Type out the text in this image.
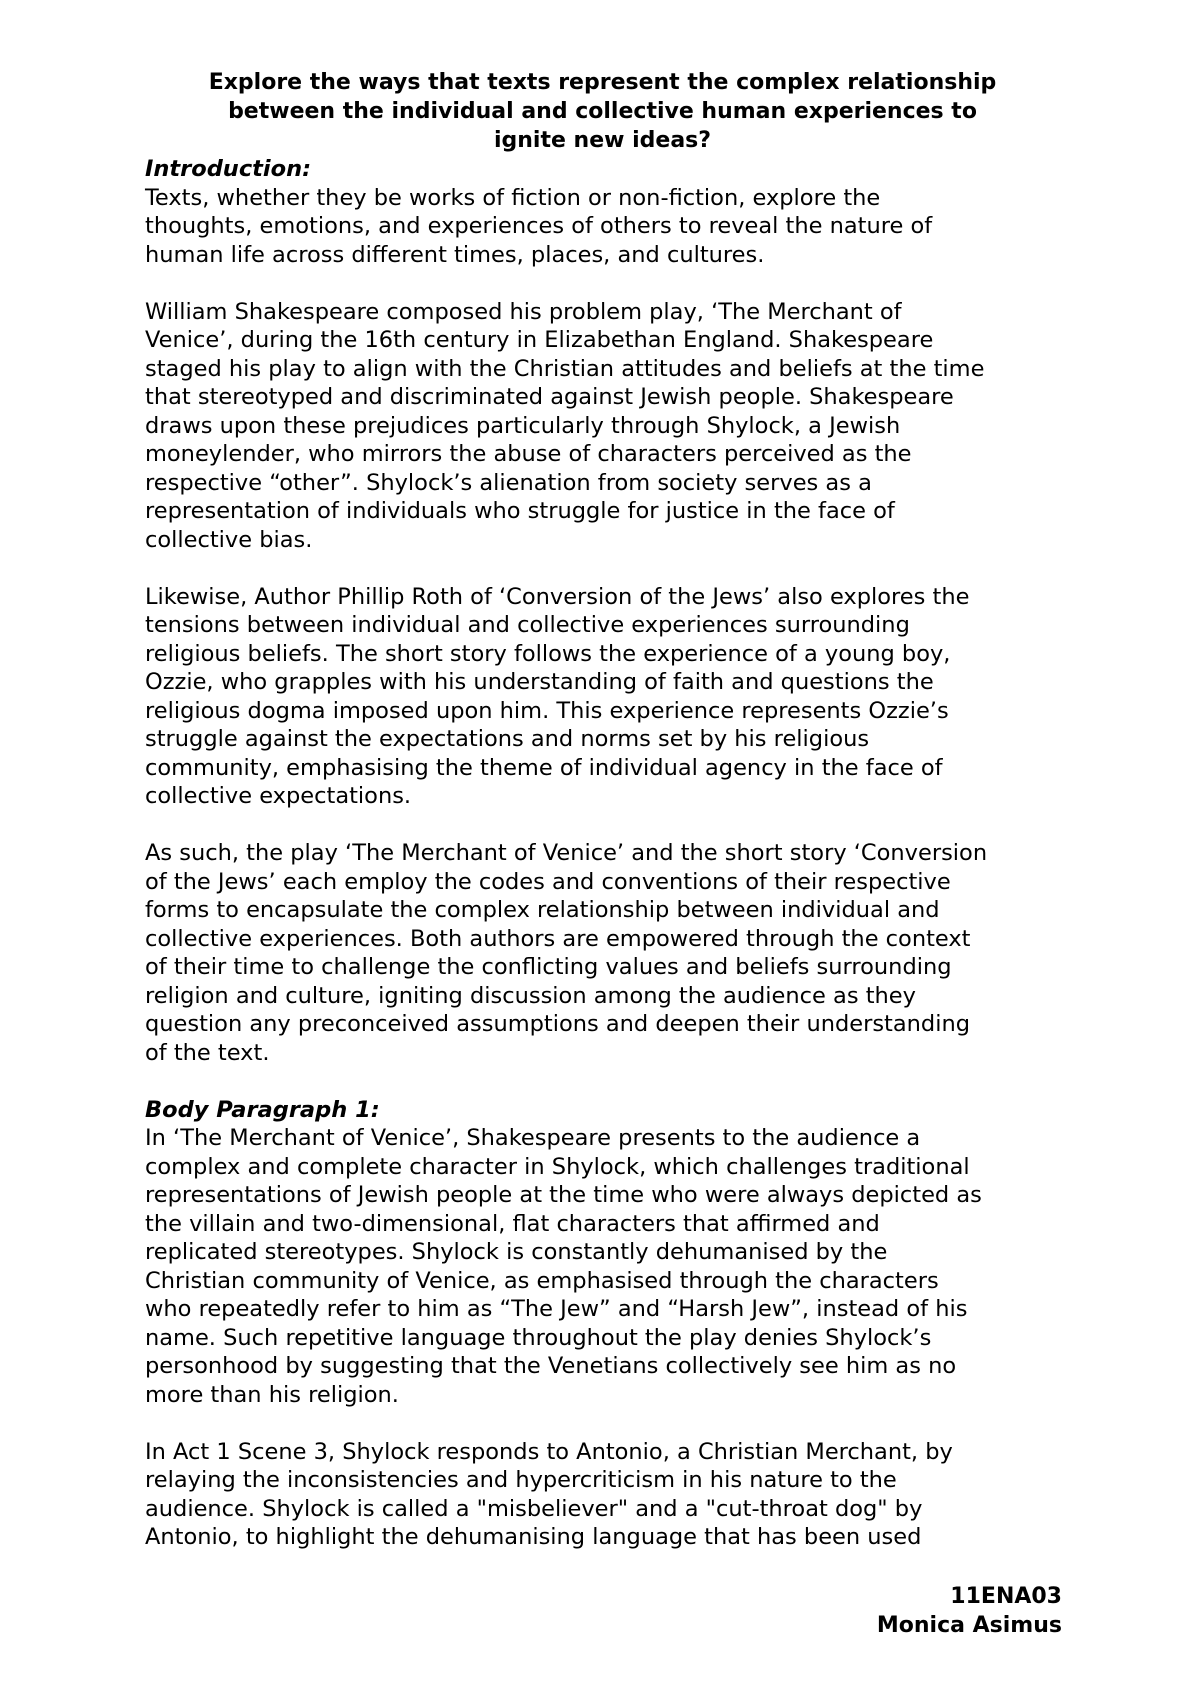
Explore the ways that texts represent the complex relationship
between the individual and collective human experiences to
ignite new ideas?
Introduction:

Texts, whether they be works of fiction or non-fiction, explore the
thoughts, emotions, and experiences of others to reveal the nature of
human life across different times, places, and cultures.

William Shakespeare composed his problem play, ‘The Merchant of
Venice’, during the 16th century in Elizabethan England. Shakespeare
staged his play to align with the Christian attitudes and beliefs at the time
that stereotyped and discriminated against Jewish people. Shakespeare
draws upon these prejudices particularly through Shylock, a Jewish
moneylender, who mirrors the abuse of characters perceived as the
respective “other”. Shylock’s alienation from society serves as a
representation of individuals who struggle for justice in the face of
collective bias.

Likewise, Author Phillip Roth of ‘Conversion of the Jews’ also explores the
tensions between individual and collective experiences surrounding
religious beliefs. The short story follows the experience of a young boy,
Ozzie, who grapples with his understanding of faith and questions the
religious dogma imposed upon him. This experience represents Ozzie’s
struggle against the expectations and norms set by his religious
community, emphasising the theme of individual agency in the face of
collective expectations.

As such, the play ‘The Merchant of Venice’ and the short story ‘Conversion
of the Jews’ each employ the codes and conventions of their respective
forms to encapsulate the complex relationship between individual and
collective experiences. Both authors are empowered through the context
of their time to challenge the conflicting values and beliefs surrounding
religion and culture, igniting discussion among the audience as they
question any preconceived assumptions and deepen their understanding
of the text.

Body Paragraph 1:

In ‘The Merchant of Venice’, Shakespeare presents to the audience a
complex and complete character in Shylock, which challenges traditional
representations of Jewish people at the time who were always depicted as
the villain and two-dimensional, flat characters that affirmed and
replicated stereotypes. Shylock is constantly dehumanised by the
Christian community of Venice, as emphasised through the characters
who repeatedly refer to him as “The Jew” and “Harsh Jew”, instead of his
name. Such repetitive language throughout the play denies Shylock’s
personhood by suggesting that the Venetians collectively see him as no
more than his religion.

In Act 1 Scene 3, Shylock responds to Antonio, a Christian Merchant, by
relaying the inconsistencies and hypercriticism in his nature to the
audience. Shylock is called a "misbeliever" and a "cut-throat dog" by
Antonio, to highlight the dehumanising language that has been used

11ENA03
Monica Asimus
